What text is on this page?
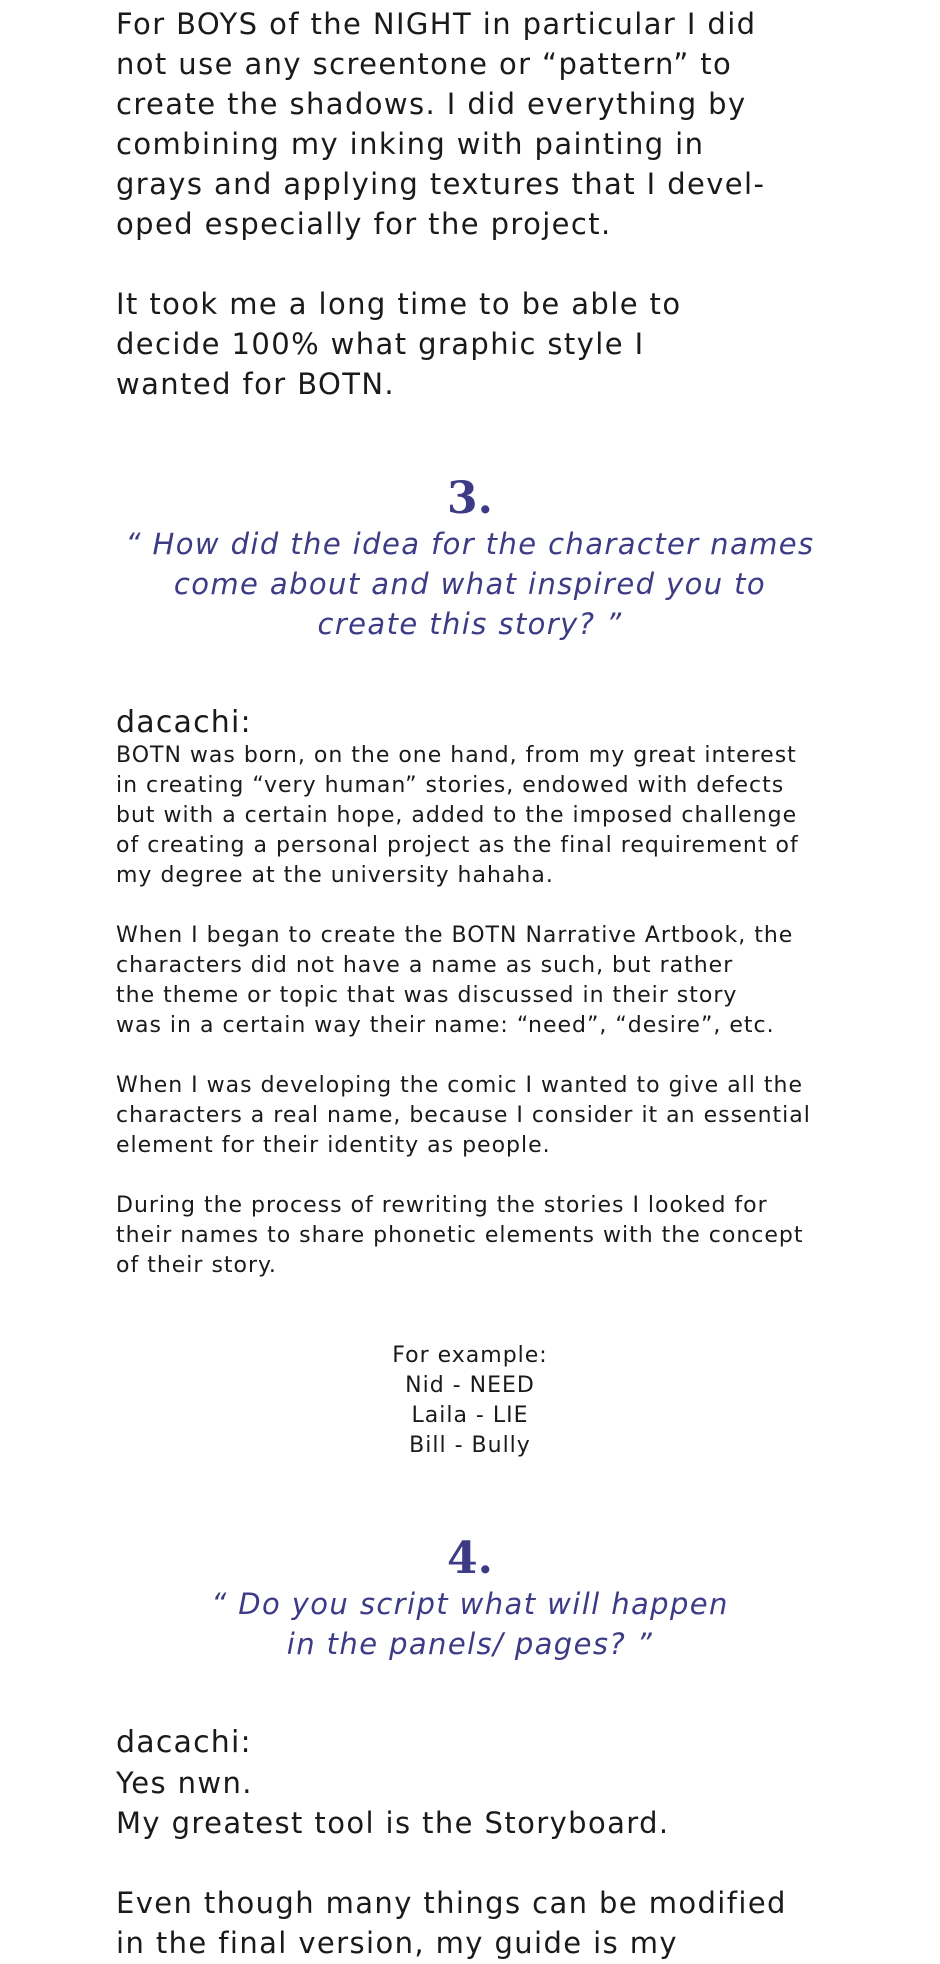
For BOYS of the NIGHT in particular I did
not use any screentone or “pattern” to
create the shadows. I did everything by
combining my inking with painting in
grays and applying textures that I devel-
oped especially for the project.

It took me a long time to be able to
decide 100% what graphic style I
wanted for BOTN.

3.

“ How did the idea for the character names
come about and what inspired you to
create this story? ”

dacachi:

BOTN was born, on the one hand, from my great interest
in creating “very human” stories, endowed with defects
but with a certain hope, added to the imposed challenge
of creating a personal project as the final requirement of
my degree at the university hahaha.

When I began to create the BOTN Narrative Artbook, the
characters did not have a name as such, but rather
the theme or topic that was discussed in their story
was in a certain way their name: “need”, “desire”, etc.

When I was developing the comic I wanted to give all the
characters a real name, because I consider it an essential
element for their identity as people.

During the process of rewriting the stories I looked for
their names to share phonetic elements with the concept
of their story.

For example:
Nid - NEED
Laila - LIE
Bill - Bully
4.

“ Do you script what will happen
in the panels/ pages? ”

dacachi:

Yes nwn.
My greatest tool is the Storyboard.

Even though many things can be modified
in the final version, my guide is my
